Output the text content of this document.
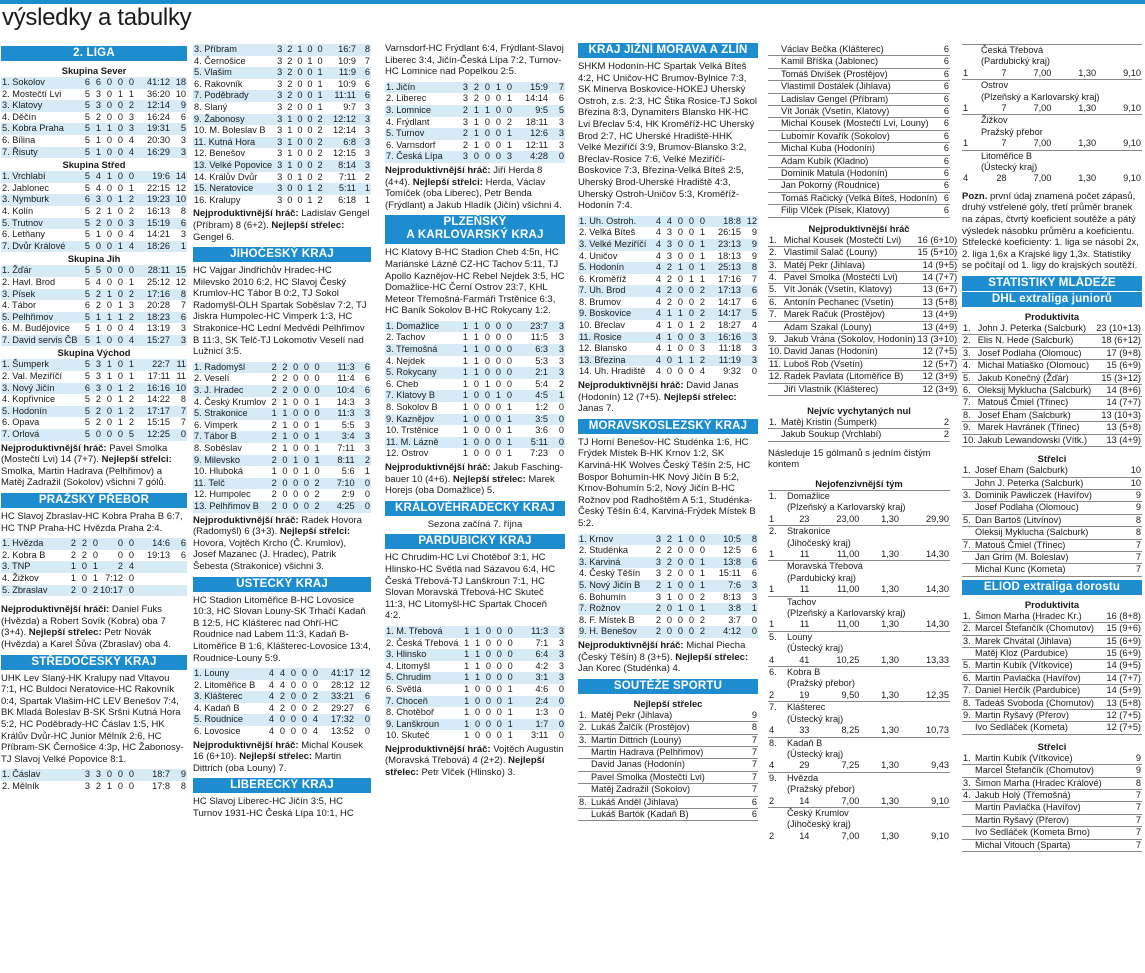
výsledky a tabulky
2. LIGA
Skupina Sever
1. Sokolov	6	6	0	0	0	41:12	18
2. Mostečtí Lvi	5	3	0	1	1	36:20	10
3. Klatovy	5	3	0	0	2	12:14	9
4. Děčín	5	2	0	0	3	16:24	6
5. Kobra Praha	5	1	1	0	3	19:31	5
6. Bílina	5	1	0	0	4	20:30	3
7. Řisuty	5	1	0	0	4	16:29	3
Skupina Střed
1. Vrchlabí	5	4	1	0	0	19:6	14
2. Jablonec	5	4	0	0	1	22:15	12
3. Nymburk	6	3	0	1	2	19:23	10
4. Kolín	5	2	1	0	2	16:13	8
5. Trutnov	5	2	0	0	3	15:19	6
6. Letňany	5	1	0	0	4	14:21	3
7. Dvůr Králové	5	0	0	1	4	18:26	1
Skupina Jih
1. Žďár	5	5	0	0	0	28:11	15
2. Havl. Brod	5	4	0	0	1	25:12	12
3. Písek	5	2	1	0	2	17:16	8
4. Tábor	6	2	0	1	3	20:28	7
5. Pelhřimov	5	1	1	1	2	18:23	6
6. M. Budějovice	5	1	0	0	4	13:19	3
7. David servis ČB	5	1	0	0	4	15:27	3
Skupina Východ
1. Šumperk	5	3	1	0	1	22:7	11
2. Val. Meziříčí	5	3	1	0	1	17:11	11
3. Nový Jičín	6	3	0	1	2	16:16	10
4. Kopřivnice	5	2	0	1	2	14:22	8
5. Hodonín	5	2	0	1	2	17:17	7
6. Opava	5	2	0	1	2	15:15	7
7. Orlová	5	0	0	0	5	12:25	0
Nejproduktivnější hráč: Pavel Smolka (Mostečtí Lvi) 14 (7+7). Nejlepší střelci: Smolka, Martin Hadrava (Pelhřimov) a Matěj Zadražil (Sokolov) všichni 7 gólů.
PRAŽSKÝ PŘEBOR
HC Slavoj Zbraslav-HC Kobra Praha B 6:7, HC TNP Praha-HC Hvězda Praha 2:4.
1. Hvězda	2	2	0	0	0	14:6	6
2. Kobra B	2	2	0	0	0	19:13	6
3. TNP	1	0	1	2	4		
4. Žižkov	1	0	1	7:12	0		
5. Zbraslav	2	0	2	10:17	0		
Nejproduktivnější hráči: Daniel Fuks (Hvězda) a Robert Sovík (Kobra) oba 7 (3+4). Nejlepší střelec: Petr Novák (Hvězda) a Karel Šůva (Zbraslav) oba 4.
STŘEDOČESKÝ KRAJ
UHK Lev Slaný-HK Kralupy nad Vltavou 7:1, HC Buldoci Neratovice-HC Rakovník 0:4, Spartak Vlašim-HC LEV Benešov 7:4, BK Mladá Boleslav B-SK Sršni Kutná Hora 5:2, HC Poděbrady-HC Čáslav 1:5, HK Králův Dvůr-HC Junior Mělník 2:6, HC Příbram-SK Černošice 4:3p, HC Žabonosy-TJ Slavoj Velké Popovice 8:1.
1. Čáslav	3	3	0	0	0	18:7	9
2. Mělník	3	2	1	0	0	17:8	8
3. Příbram	3	2	1	0	0	16:7	8
4. Černošice	3	2	0	1	0	10:9	7
5. Vlašim	3	2	0	0	1	11:9	6
6. Rakovník	3	2	0	0	1	10:9	6
7. Poděbrady	3	2	0	0	1	11:11	6
8. Slaný	3	2	0	0	1	9:7	3
9. Žabonosy	3	1	0	0	2	12:12	3
10. M. Boleslav B	3	1	0	0	2	12:14	3
11. Kutná Hora	3	1	0	0	2	6:8	3
12. Benešov	3	1	0	0	2	12:15	3
13. Velké Popovice	3	1	0	0	2	8:14	3
14. Králův Dvůr	3	0	1	0	2	7:11	2
15. Neratovice	3	0	0	1	2	5:11	1
16. Kralupy	3	0	0	1	2	6:18	1
Nejproduktivnější hráč: Ladislav Gengel (Příbram) 8 (6+2). Nejlepší střelec: Gengel 6.
JIHOČESKÝ KRAJ
HC Vajgar Jindřichův Hradec-HC Milevsko 2010 6:2, HC Slavoj Český Krumlov-HC Tábor B 0:2, TJ Sokol Radomyšl-OLH Spartak Soběslav 7:2, TJ Jiskra Humpolec-HC Vimperk 1:3, HC Strakonice-HC Lední Medvědi Pelhřimov B 11:3, SK Telč-TJ Lokomotiv Veselí nad Lužnicí 3:5.
1. Radomyšl	2	2	0	0	0	11:3	6
2. Veselí	2	2	0	0	0	11:4	6
3. J. Hradec	2	2	0	0	0	10:4	6
4. Český Krumlov	2	1	0	0	1	14:3	3
5. Strakonice	1	1	0	0	0	11:3	3
6. Vimperk	2	1	0	0	1	5:5	3
7. Tábor B	2	1	0	0	1	3:4	3
8. Soběslav	2	1	0	0	1	7:11	3
9. Milevsko	2	0	1	0	1	8:11	2
10. Hluboká	1	0	0	1	0	5:6	1
11. Telč	2	0	0	0	2	7:10	0
12. Humpolec	2	0	0	0	2	2:9	0
13. Pelhřimov B	2	0	0	0	2	4:25	0
Nejproduktivnější hráč: Radek Hovora (Radomyšl) 6 (3+3). Nejlepší střelci: Hovora, Vojtěch Krcho (Č. Krumlov), Josef Mazanec (J. Hradec), Patrik Šebesta (Strakonice) všichni 3.
ÚSTECKÝ KRAJ
HC Stadion Litoměřice B-HC Lovosice 10:3, HC Slovan Louny-SK Trhačí Kadaň B 12:5, HC Klášterec nad Ohří-HC Roudnice nad Labem 11:3, Kadaň B-Litoměřice B 1:6, Klášterec-Lovosice 13:4, Roudnice-Louny 5:9.
1. Louny	4	4	0	0	0	41:17	12
2. Litoměřice B	4	4	0	0	0	28:12	12
3. Klášterec	4	2	0	0	2	33:21	6
4. Kadaň B	4	2	0	0	2	29:27	6
5. Roudnice	4	0	0	0	4	17:32	0
6. Lovosice	4	0	0	0	4	13:52	0
Nejproduktivnější hráč: Michal Kousek 16 (6+10). Nejlepší střelec: Martin Dittrich (oba Louny) 7.
LIBERECKÝ KRAJ
HC Slavoj Liberec-HC Jičín 3:5, HC Turnov 1931-HC Česká Lípa 10:1, HC
Varnsdorf-HC Frýdlant 6:4, Frýdlant-Slavoj Liberec 3:4, Jičín-Česká Lípa 7:2, Turnov-HC Lomnice nad Popelkou 2:5.
1. Jičín	3	2	0	1	0	15:9	7
2. Liberec	3	2	0	0	1	14:14	6
3. Lomnice	2	1	1	0	0	9:5	5
4. Frýdlant	3	1	0	0	2	18:11	3
5. Turnov	2	1	0	0	1	12:6	3
6. Varnsdorf	2	1	0	0	1	12:11	3
7. Česká Lípa	3	0	0	0	3	4:28	0
Nejproduktivnější hráč: Jiří Herda 8 (4+4). Nejlepší střelci: Herda, Václav Tomíček (oba Liberec), Petr Benda (Frýdlant) a Jakub Hladík (Jičín) všichni 4.
PLZEŇSKÝ
A KARLOVARSKÝ KRAJ
HC Klatovy B-HC Stadion Cheb 4:5n, HC Mariánské Lázně CZ-HC Tachov 5:11, TJ Apollo Kaznějov-HC Rebel Nejdek 3:5, HC Domažlice-HC Černí Ostrov 23:7, KHL Meteor Třemošná-Farmáři Trstěnice 6:3, HC Baník Sokolov B-HC Rokycany 1:2.
1. Domažlice	1	1	0	0	0	23:7	3
2. Tachov	1	1	0	0	0	11:5	3
3. Třemošná	1	1	0	0	0	6:3	3
4. Nejdek	1	1	0	0	0	5:3	3
5. Rokycany	1	1	0	0	0	2:1	3
6. Cheb	1	0	1	0	0	5:4	2
7. Klatovy B	1	0	0	1	0	4:5	1
8. Sokolov B	1	0	0	0	1	1:2	0
9. Kaznějov	1	0	0	0	1	3:5	0
10. Trstěnice	1	0	0	0	1	3:6	0
11. M. Lázně	1	0	0	0	1	5:11	0
12. Ostrov	1	0	0	0	1	7:23	0
Nejproduktivnější hráč: Jakub Fasching-bauer 10 (4+6). Nejlepší střelec: Marek Horejs (oba Domažlice) 5.
KRÁLOVÉHRADECKÝ KRAJ
Sezona začíná 7. října
PARDUBICKÝ KRAJ
HC Chrudim-HC Lvi Chotěboř 3:1, HC Hlinsko-HC Světlá nad Sázavou 6:4, HC Česká Třebová-TJ Lanškroun 7:1, HC Slovan Moravská Třebová-HC Skuteč 11:3, HC Litomyšl-HC Spartak Choceň 4:2.
1. M. Třebová	1	1	0	0	0	11:3	3
2. Česká Třebová	1	1	0	0	0	7:1	3
3. Hlinsko	1	1	0	0	0	6:4	3
4. Litomyšl	1	1	0	0	0	4:2	3
5. Chrudim	1	1	0	0	0	3:1	3
6. Světlá	1	0	0	0	1	4:6	0
7. Choceň	1	0	0	0	1	2:4	0
8. Chotěboř	1	0	0	0	1	1:3	0
9. Lanškroun	1	0	0	0	1	1:7	0
10. Skuteč	1	0	0	0	1	3:11	0
Nejproduktivnější hráč: Vojtěch Augustin (Moravská Třebová) 4 (2+2). Nejlepší střelec: Petr Vlček (Hlinsko) 3.
KRAJ JIŽNÍ MORAVA A ZLÍN
SHKM Hodonín-HC Spartak Velká Bíteš 4:2, HC Uničov-HC Brumov-Bylnice 7:3, SK Minerva Boskovice-HOKEJ Uherský Ostroh, z.s. 2:3, HC Štika Rosice-TJ Sokol Březina 8:3, Dynamiters Blansko HK-HC Lvi Břeclav 5:4, HK Kroměříž-HC Uherský Brod 2:7, HC Uherské Hradiště-HHK Velké Meziříčí 3:9, Brumov-Blansko 3:2, Břeclav-Rosice 7:6, Velké Meziříčí-Boskovice 7:3, Březina-Velká Bíteš 2:5, Uherský Brod-Uherské Hradiště 4:3, Uherský Ostroh-Uničov 5:3, Kroměříž-Hodonín 7:4.
1. Uh. Ostroh.	4	4	0	0	0	18:8	12
2. Velká Bíteš	4	3	0	0	1	26:15	9
3. Velké Meziříčí	4	3	0	0	1	23:13	9
4. Uničov	4	3	0	0	1	18:13	9
5. Hodonín	4	2	1	0	1	25:13	8
6. Kroměříž	4	2	0	1	1	17:16	7
7. Uh. Brod	4	2	0	0	2	17:13	6
8. Brumov	4	2	0	0	2	14:17	6
9. Boskovice	4	1	1	0	2	14:17	5
10. Břeclav	4	1	0	1	2	18:27	4
11. Rosice	4	1	0	0	3	16:16	3
12. Blansko	4	1	0	0	3	11:18	3
13. Březina	4	0	1	1	2	11:19	3
14. Uh. Hradiště	4	0	0	0	4	9:32	0
Nejproduktivnější hráč: David Janas (Hodonín) 12 (7+5). Nejlepší střelec: Janas 7.
MORAVSKOSLEZSKÝ KRAJ
TJ Horní Benešov-HC Studénka 1:6, HC Frýdek Místek B-HK Krnov 1:2, SK Karviná-HK Wolves Český Těšín 2:5, HC Bospor Bohumín-HK Nový Jičín B 5:2, Krnov-Bohumín 5:2, Nový Jičín B-HC Rožnov pod Radhoštěm A 5:1, Studénka-Český Těšín 6:4, Karviná-Frýdek Místek B 5:2.
1. Krnov	3	2	1	0	0	10:5	8
2. Studénka	2	2	0	0	0	12:5	6
3. Karviná	3	2	0	0	1	13:8	6
4. Český Těšín	3	2	0	0	1	15:11	6
5. Nový Jičín B	2	1	0	0	1	7:6	3
6. Bohumín	3	1	0	0	2	8:13	3
7. Rožnov	2	0	1	0	1	3:8	1
8. F. Místek B	2	0	0	0	2	3:7	0
9. H. Benešov	2	0	0	0	2	4:12	0
Nejproduktivnější hráč: Michal Piecha (Český Těšín) 8 (3+5). Nejlepší střelec: Jan Korec (Studénka) 4.
SOUTĚŽE SPORTU
Nejlepší střelec
1.	Matěj Pekr (Jihlava)	9
2.	Lukáš Žalčík (Prostějov)	8
3.	Martin Dittrich (Louny)	7
	Martin Hadrava (Pelhřimov)	7
	David Janas (Hodonín)	7
	Pavel Smolka (Mostečtí Lvi)	7
	Matěj Zadražil (Sokolov)	7
8.	Lukáš Anděl (Jihlava)	6
	Lukáš Bartók (Kadaň B)	6
	Václav Bečka (Klášterec)	6
	Kamil Bříška (Jablonec)	6
	Tomáš Divíšek (Prostějov)	6
	Vlastimil Dostálek (Jihlava)	6
	Ladislav Gengel (Příbram)	6
	Vít Jonák (Vsetín, Klatovy)	6
	Michal Kousek (Mostečtí Lvi, Louny)	6
	Lubomír Kovařík (Sokolov)	6
	Michal Kuba (Hodonín)	6
	Adam Kubík (Kladno)	6
	Dominik Matula (Hodonín)	6
	Jan Pokorný (Roudnice)	6
	Tomáš Račický (Velká Bíteš, Hodonín)	6
	Filip Vlček (Písek, Klatovy)	6
Nejproduktivnější hráč
1.	Michal Kousek (Mostečtí Lvi)	16 (6+10)
2.	Vlastimil Salač (Louny)	15 (5+10)
3.	Matěj Pekr (Jihlava)	14 (9+5)
4.	Pavel Smolka (Mostečtí Lvi)	14 (7+7)
5.	Vít Jonák (Vsetín, Klatovy)	13 (6+7)
6.	Antonín Pechanec (Vsetín)	13 (5+8)
7.	Marek Račuk (Prostějov)	13 (4+9)
	Adam Szakal (Louny)	13 (4+9)
9.	Jakub Vrána (Sokolov, Hodonín)	13 (3+10)
10.	David Janas (Hodonín)	12 (7+5)
11.	Luboš Rob (Vsetín)	12 (5+7)
12.	Radek Pavlata (Litoměřice B)	12 (3+9)
	Jiří Vlastník (Klášterec)	12 (3+9)
Nejvíc vychytaných nul
1.	Matěj Kristin (Šumperk)	2
	Jakub Soukup (Vrchlabí)	2
Následuje 15 gólmanů s jedním čistým kontem
Nejofenzivnější tým
1.	Domažlice			
	(Plzeňský a Karlovarský kraj)			
1	23	23,00	1,30	29,90
2.	Strakonice			
	(Jihočeský kraj)			
1	11	11,00	1,30	14,30
	Moravská Třebová			
	(Pardubický kraj)			
1	11	11,00	1,30	14,30
	Tachov			
	(Plzeňský a Karlovarský kraj)			
1	11	11,00	1,30	14,30
5.	Louny			
	(Ústecký kraj)			
4	41	10,25	1,30	13,33
6.	Kobra B			
	(Pražský přebor)			
2	19	9,50	1,30	12,35
7.	Klášterec			
	(Ústecký kraj)			
4	33	8,25	1,30	10,73
8.	Kadaň B			
	(Ústecký kraj)			
4	29	7,25	1,30	9,43
9.	Hvězda			
	(Pražský přebor)			
2	14	7,00	1,30	9,10
	Český Krumlov			
	(Jihočeský kraj)			
2	14	7,00	1,30	9,10
	Česká Třebová			
	(Pardubický kraj)			
1	7	7,00	1,30	9,10
	Ostrov			
	(Plzeňský a Karlovarský kraj)			
1	7	7,00	1,30	9,10
	Žižkov			
	Pražský přebor			
1	7	7,00	1,30	9,10
	Litoměřice B			
	(Ústecký kraj)			
4	28	7,00	1,30	9,10
Pozn. první údaj znamená počet zápasů, druhý vstřelené góly, třetí průměr branek na zápas, čtvrtý koeficient soutěže a pátý výsledek násobku průměru a koeficientu. Střelecké koeficienty: 1. liga se násobí 2x, 2. liga 1,6x a Krajské ligy 1,3x. Statistiky se počítají od 1. ligy do krajských soutěží.
STATISTIKY MLÁDEŽE
DHL extraliga juniorů
Produktivita
1.	John J. Peterka (Salcburk)	23 (10+13)
2.	Elis N. Hede (Salcburk)	18 (6+12)
3.	Josef Podlaha (Olomouc)	17 (9+8)
4.	Michal Matiaško (Olomouc)	15 (6+9)
5.	Jakub Konečný (Žďár)	15 (3+12)
6.	Oleksij Myklucha (Salcburk)	14 (8+6)
7.	Matouš Čmiel (Třinec)	14 (7+7)
8.	Josef Eham (Salcburk)	13 (10+3)
9.	Marek Havránek (Třinec)	13 (5+8)
10.	Jakub Lewandowski (Vítk.)	13 (4+9)
Střelci
1.	Josef Eham (Salcburk)	10
	John J. Peterka (Salcburk)	10
3.	Dominik Pawliczek (Havířov)	9
	Josef Podlaha (Olomouc)	9
5.	Dan Bartoš (Litvínov)	8
	Oleksij Myklucha (Salcburk)	8
7.	Matouš Čmiel (Třinec)	7
	Jan Grim (M. Boleslav)	7
	Michal Kunc (Kometa)	7
ELIOD extraliga dorostu
Produktivita
1.	Šimon Marha (Hradec Kr.)	16 (8+8)
2.	Marcel Štefančík (Chomutov)	15 (9+6)
3.	Marek Chvátal (Jihlava)	15 (6+9)
	Matěj Kloz (Pardubice)	15 (6+9)
5.	Martin Kubík (Vítkovice)	14 (9+5)
6.	Martin Pavlačka (Havířov)	14 (7+7)
7.	Daniel Herčík (Pardubice)	14 (5+9)
8.	Tadeáš Svoboda (Chomutov)	13 (5+8)
9.	Martin Ryšavý (Přerov)	12 (7+5)
	Ivo Sedláček (Kometa)	12 (7+5)
Střelci
1.	Martin Kubík (Vítkovice)	9
	Marcel Štefančík (Chomutov)	9
3.	Šimon Marha (Hradec Králové)	8
4.	Jakub Holý (Třemošná)	7
	Martin Pavlačka (Havířov)	7
	Martin Ryšavý (Přerov)	7
	Ivo Sedláček (Kometa Brno)	7
	Michal Vitouch (Sparta)	7
